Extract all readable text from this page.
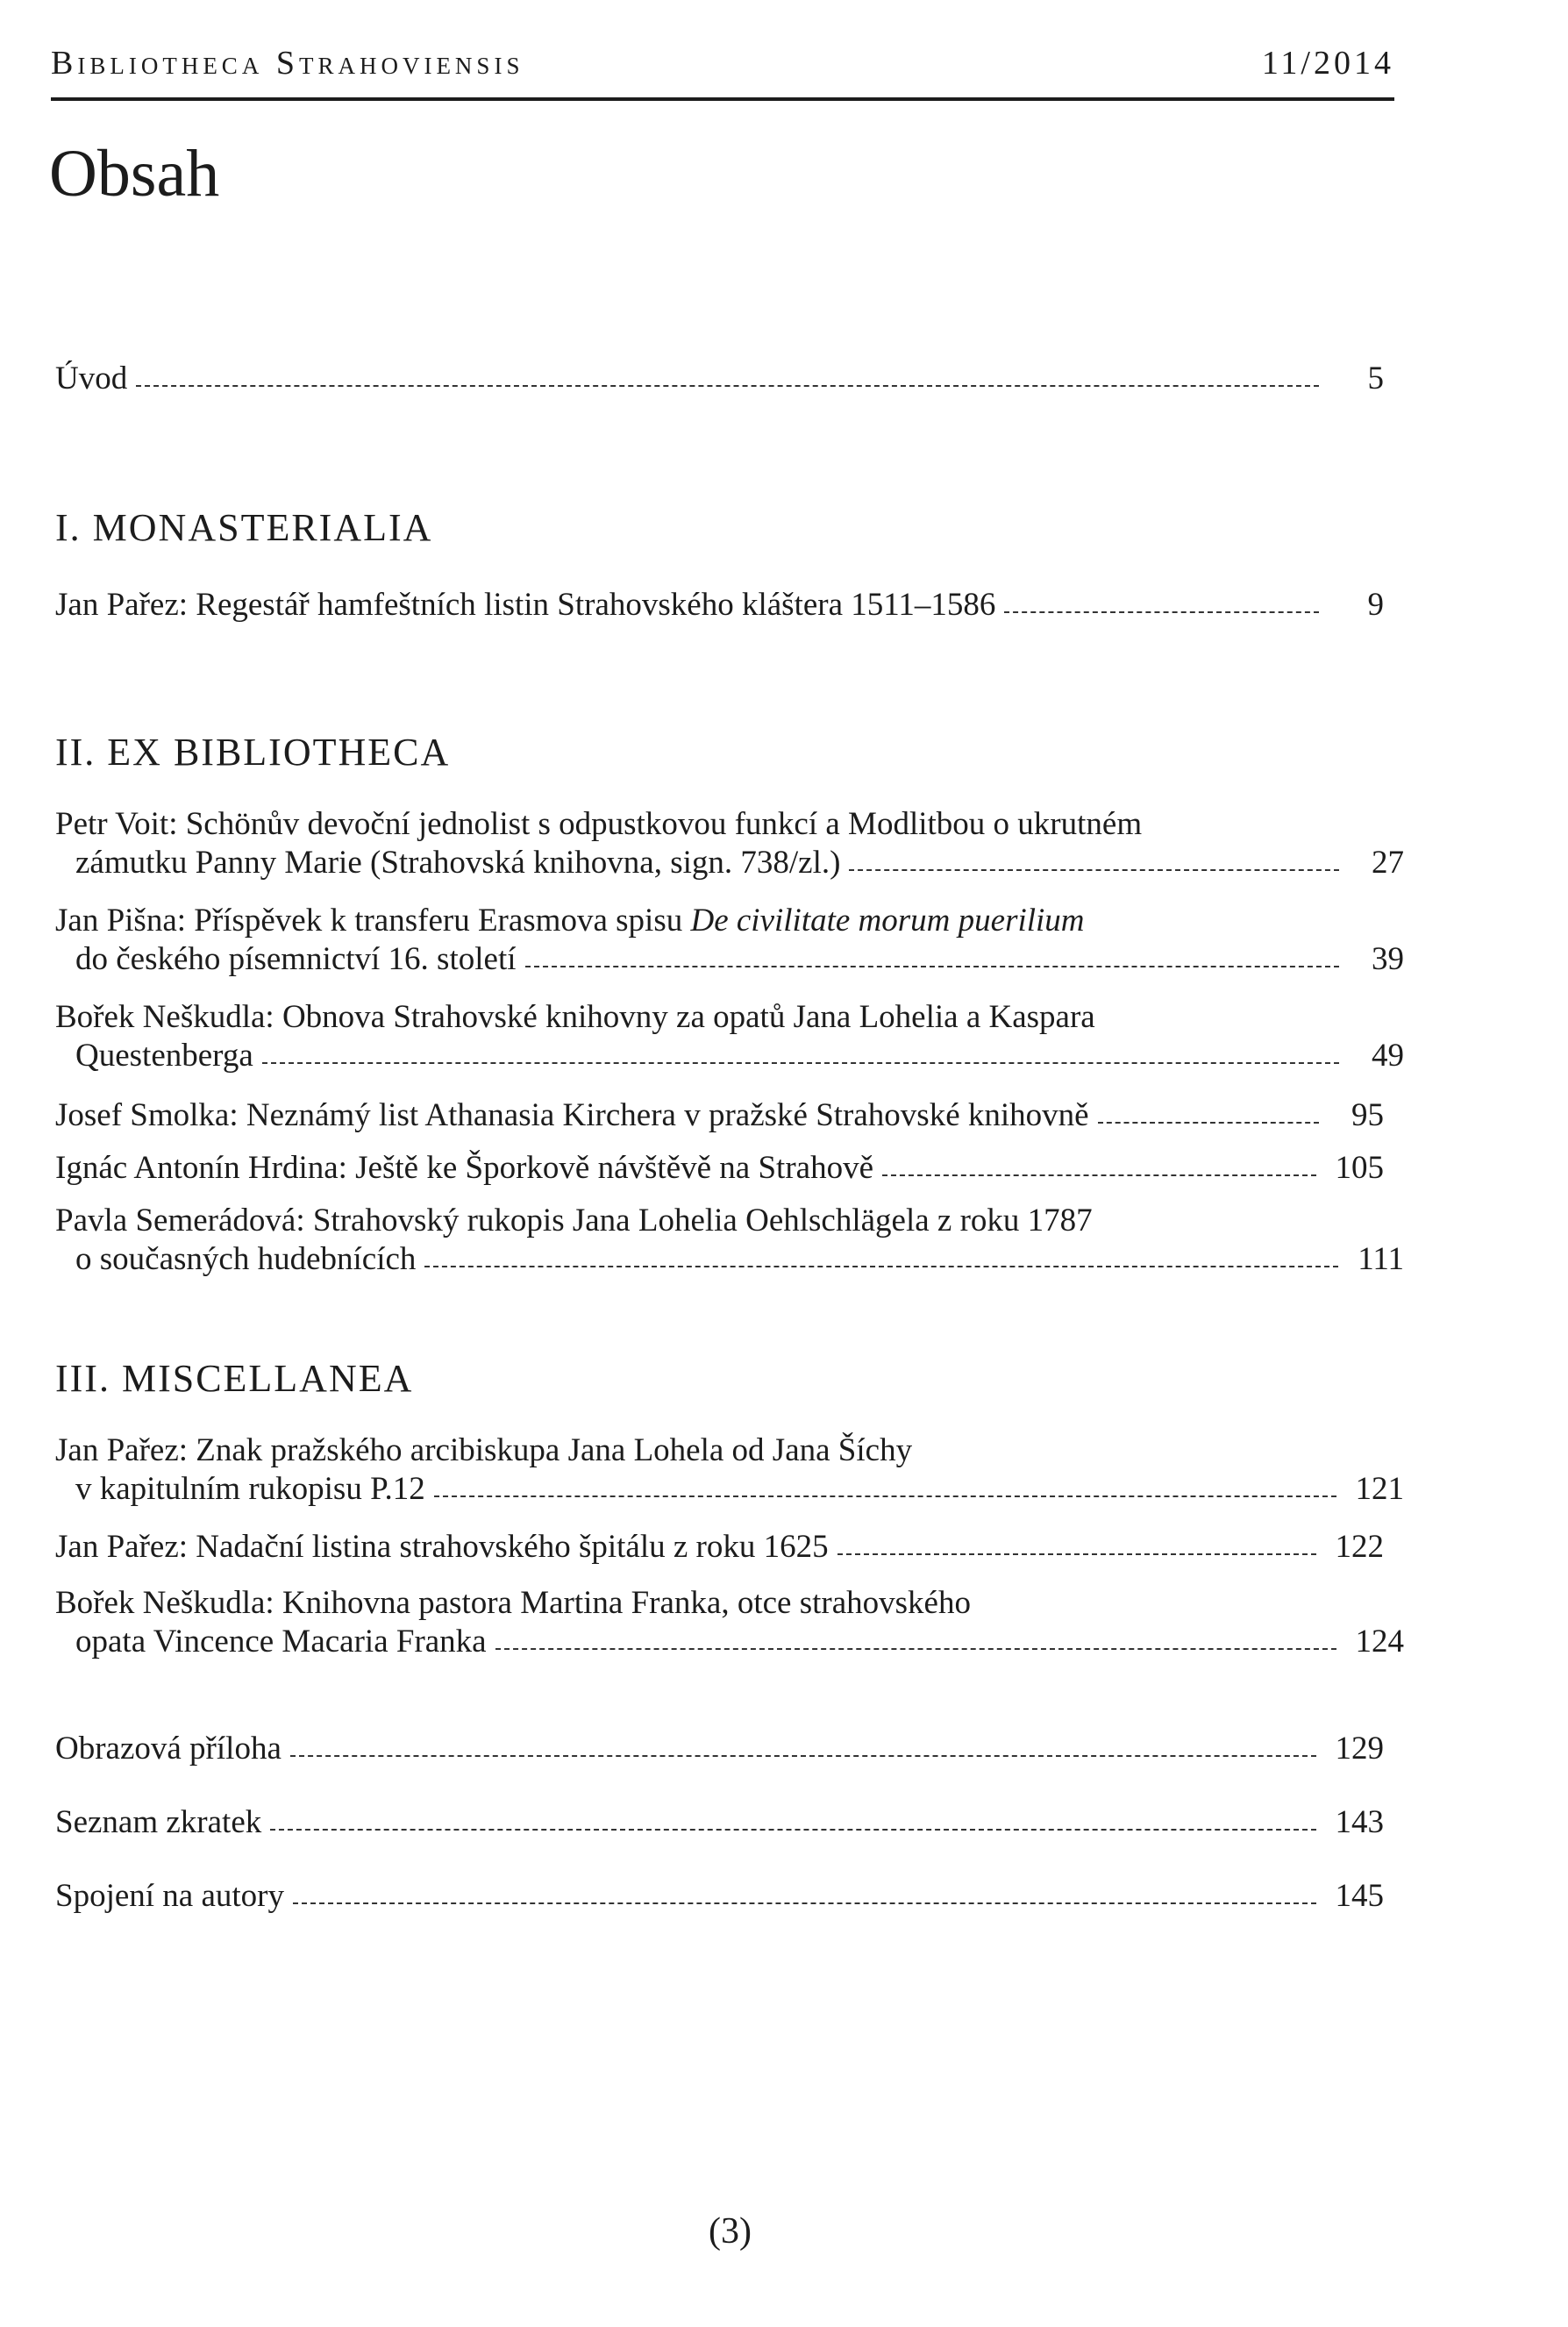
Bibliotheca Strahoviensis	11/2014
Obsah
Úvod	5
I. MONASTERIALIA
Jan Pařez: Regestář hamfeštních listin Strahovského kláštera 1511–1586	9
II. EX BIBLIOTHECA
Petr Voit: Schönův devoční jednolist s odpustkovou funkcí a Modlitbou o ukrutném
zámutku Panny Marie (Strahovská knihovna, sign. 738/zl.)	27
Jan Pišna: Příspěvek k transferu Erasmova spisu De civilitate morum puerilium
do českého písemnictví 16. století	39
Bořek Neškudla: Obnova Strahovské knihovny za opatů Jana Lohelia a Kaspara
Questenberga	49
Josef Smolka: Neznámý list Athanasia Kirchera v pražské Strahovské knihovně	95
Ignác Antonín Hrdina: Ještě ke Šporkově návštěvě na Strahově	105
Pavla Semerádová: Strahovský rukopis Jana Lohelia Oehlschlägela z roku 1787
o současných hudebnících	111
III. MISCELLANEA
Jan Pařez: Znak pražského arcibiskupa Jana Lohela od Jana Šíchy
v kapitulním rukopisu P.12	121
Jan Pařez: Nadační listina strahovského špitálu z roku 1625	122
Bořek Neškudla: Knihovna pastora Martina Franka, otce strahovského
opata Vincence Macaria Franka	124
Obrazová příloha	129
Seznam zkratek	143
Spojení na autory	145
(3)
